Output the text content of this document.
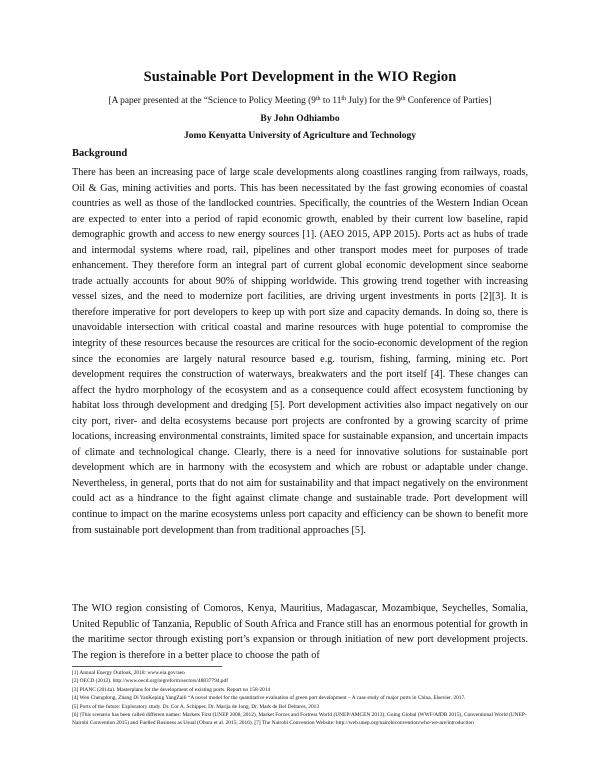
Sustainable Port Development in the WIO Region
[A paper presented at the “Science to Policy Meeting (9th to 11th July) for the 9th Conference of Parties]
By John Odhiambo
Jomo Kenyatta University of Agriculture and Technology
Background

There has been an increasing pace of large scale developments along coastlines ranging from railways, roads, Oil & Gas, mining activities and ports. This has been necessitated by the fast growing economies of coastal countries as well as those of the landlocked countries. Specifically, the countries of the Western Indian Ocean are expected to enter into a period of rapid economic growth, enabled by their current low baseline, rapid demographic growth and access to new energy sources [1]. (AEO 2015, APP 2015). Ports act as hubs of trade and intermodal systems where road, rail, pipelines and other transport modes meet for purposes of trade enhancement. They therefore form an integral part of current global economic development since seaborne trade actually accounts for about 90% of shipping worldwide. This growing trend together with increasing vessel sizes, and the need to modernize port facilities, are driving urgent investments in ports [2][3]. It is therefore imperative for port developers to keep up with port size and capacity demands. In doing so, there is unavoidable intersection with critical coastal and marine resources with huge potential to compromise the integrity of these resources because the resources are critical for the socio-economic development of the region since the economies are largely natural resource based e.g. tourism, fishing, farming, mining etc. Port development requires the construction of waterways, breakwaters and the port itself [4]. These changes can affect the hydro morphology of the ecosystem and as a consequence could affect ecosystem functioning by habitat loss through development and dredging [5]. Port development activities also impact negatively on our city port, river- and delta ecosystems because port projects are confronted by a growing scarcity of prime locations, increasing environmental constraints, limited space for sustainable expansion, and uncertain impacts of climate and technological change. Clearly, there is a need for innovative solutions for sustainable port development which are in harmony with the ecosystem and which are robust or adaptable under change. Nevertheless, in general, ports that do not aim for sustainability and that impact negatively on the environment could act as a hindrance to the fight against climate change and sustainable trade. Port development will continue to impact on the marine ecosystems unless port capacity and efficiency can be shown to benefit more from sustainable port development than from traditional approaches [5].

The WIO region consisting of Comoros, Kenya, Mauritius, Madagascar, Mozambique, Seychelles, Somalia, United Republic of Tanzania, Republic of South Africa and France still has an enormous potential for growth in the maritime sector through existing port’s expansion or through initiation of new port development projects. The region is therefore in a better place to choose the path of

[1] Annual Energy Outlook, 2018: www.eia.gov/aeo
[2] OECD (2012). http://www.oecd.org/regreform/sectors/48837794.pdf
[3] PIANC (2014a). Masterplans for the development of existing ports. Report no 158-2014
[4] Wen Chengdong, Zhang Di YanKeping YangZaili “A novel model for the quantitative evaluation of green port development – A case study of major ports in China. Elsevier. 2017.
[5] Ports of the future: Exploratory study. Dr. Cor A. Schipper, Dr. Marija de Jong, Dr. Mark de Bel Deltares, 2013
[6] (This scenario has been called different names: Markets First (UNEP 2008, 2012), Market Forces and Fortress World (UNEP/AMCEN 2013), Going Global (WWF/AfDB 2015), Conventional World (UNEP-Nairobi Convention 2015) and Fuelled Business as Usual (Obura et al. 2015, 2016). [7] The Nairobi Convention Website: http://web.unep.org/nairobiconvention/who-we-are/introduction
